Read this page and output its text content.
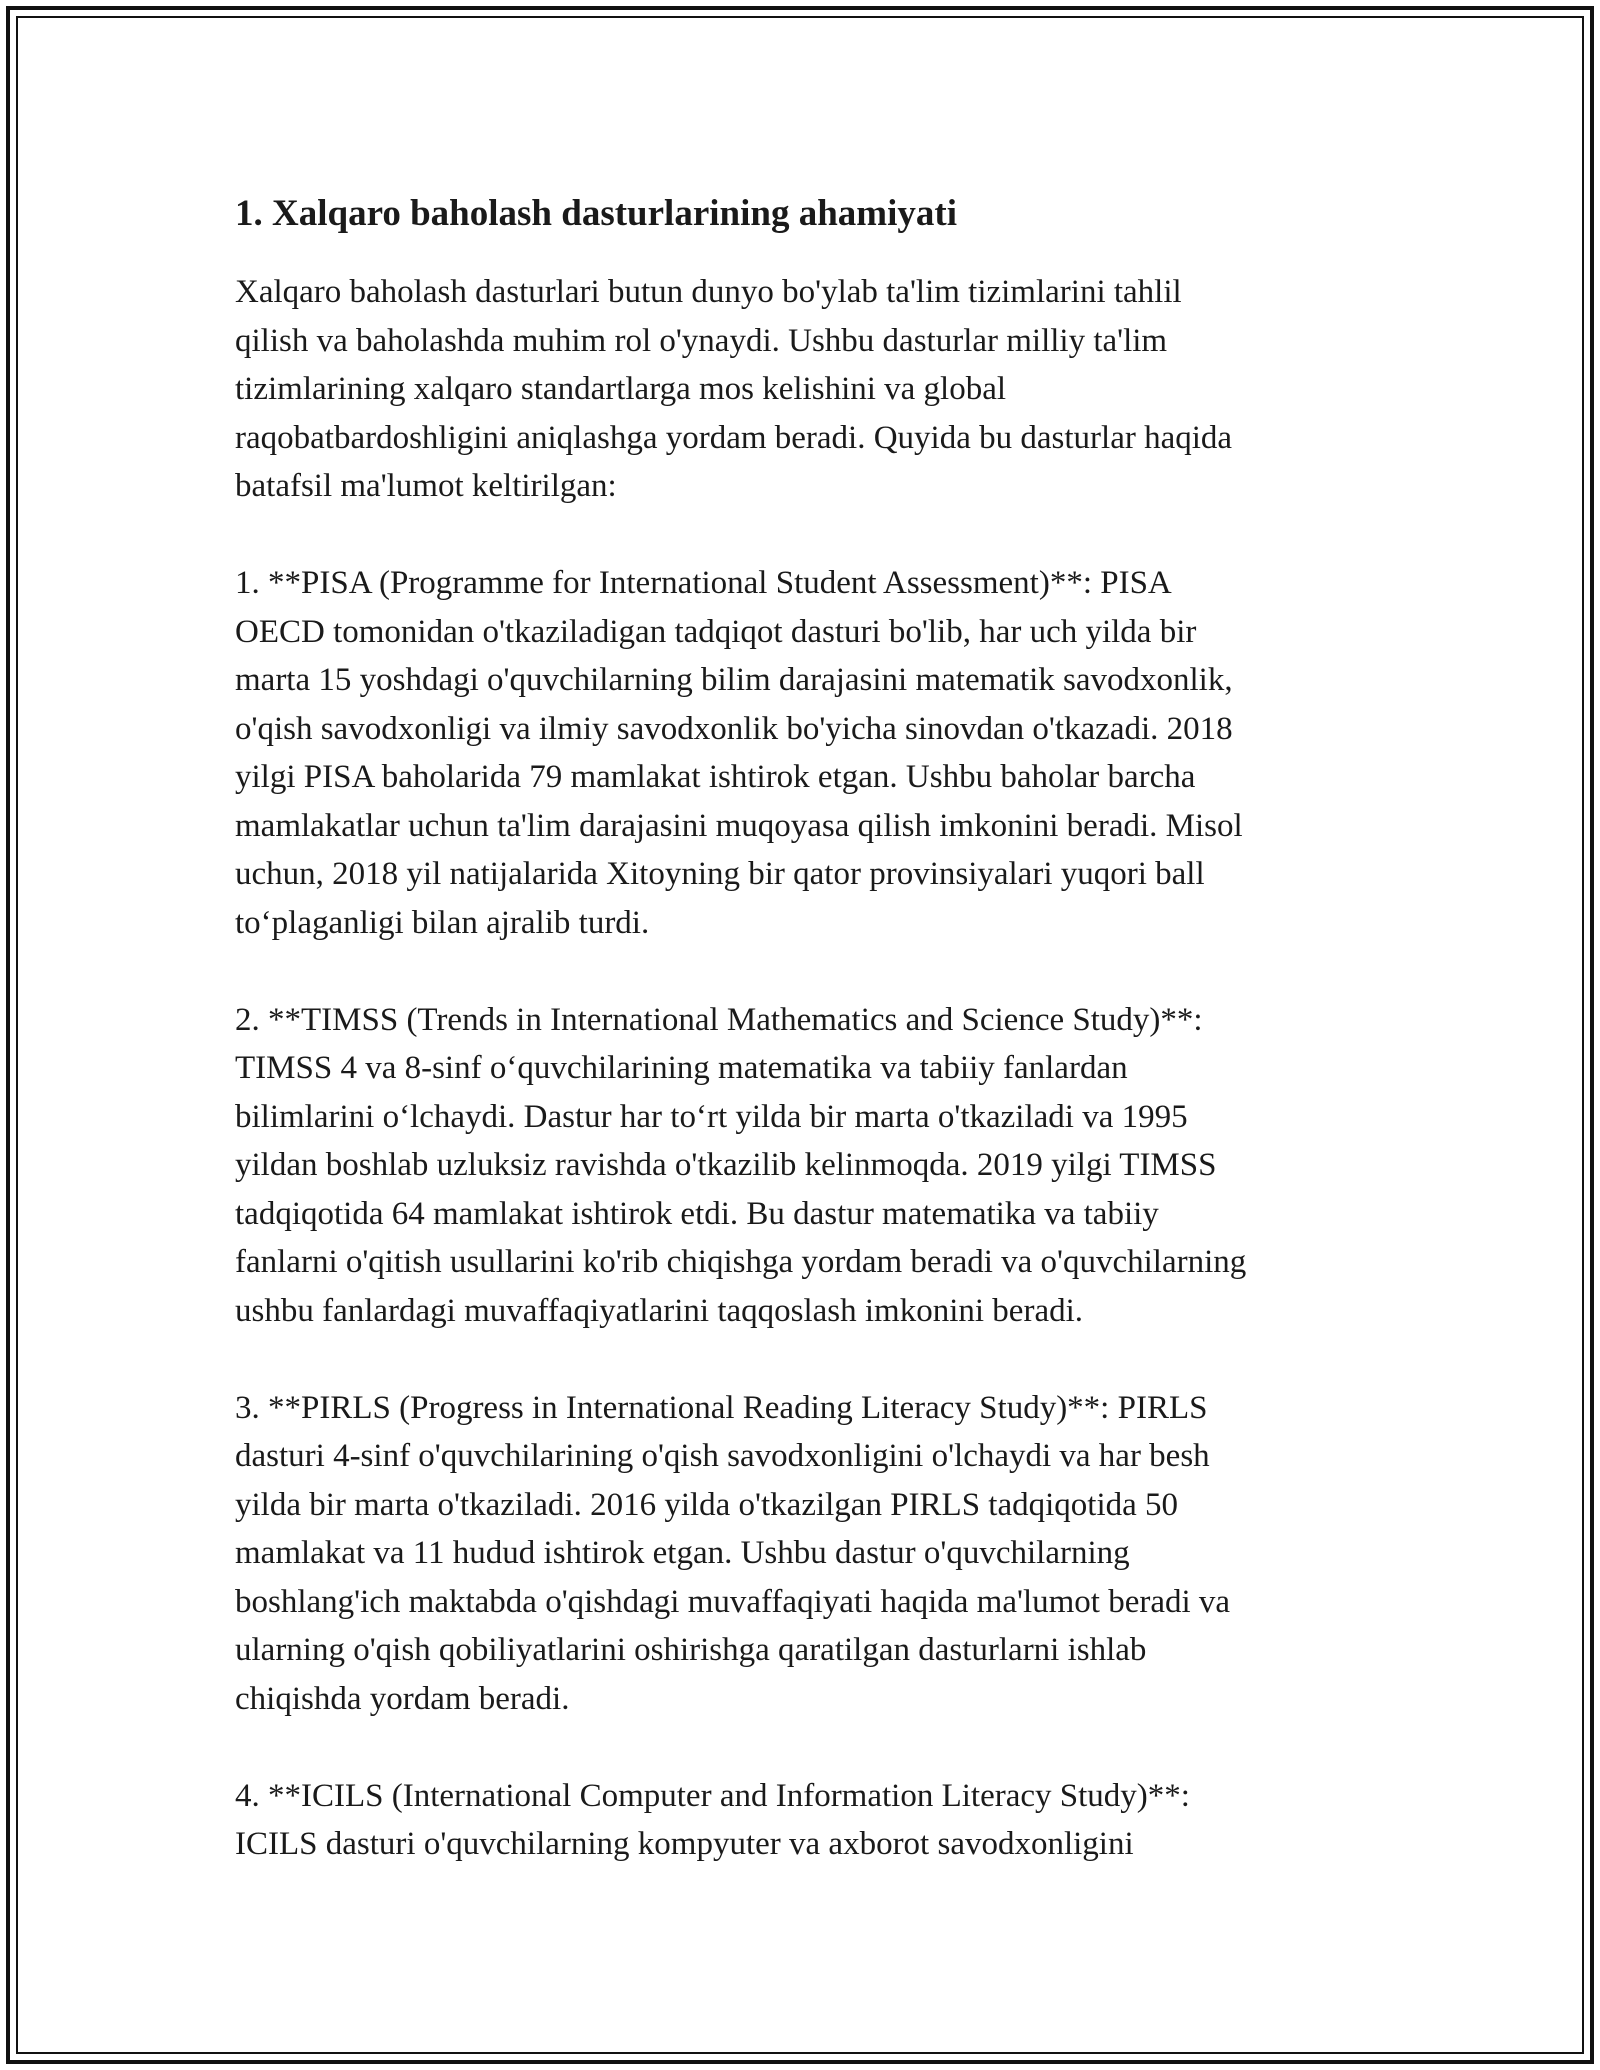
1. Xalqaro baholash dasturlarining ahamiyati

Xalqaro baholash dasturlari butun dunyo bo'ylab ta'lim tizimlarini tahlil
qilish va baholashda muhim rol o'ynaydi. Ushbu dasturlar milliy ta'lim
tizimlarining xalqaro standartlarga mos kelishini va global
raqobatbardoshligini aniqlashga yordam beradi. Quyida bu dasturlar haqida
batafsil ma'lumot keltirilgan:

1. **PISA (Programme for International Student Assessment)**: PISA
OECD tomonidan o'tkaziladigan tadqiqot dasturi bo'lib, har uch yilda bir
marta 15 yoshdagi o'quvchilarning bilim darajasini matematik savodxonlik,
o'qish savodxonligi va ilmiy savodxonlik bo'yicha sinovdan o'tkazadi. 2018
yilgi PISA baholarida 79 mamlakat ishtirok etgan. Ushbu baholar barcha
mamlakatlar uchun ta'lim darajasini muqoyasa qilish imkonini beradi. Misol
uchun, 2018 yil natijalarida Xitoyning bir qator provinsiyalari yuqori ball
to‘plaganligi bilan ajralib turdi.

2. **TIMSS (Trends in International Mathematics and Science Study)**:
TIMSS 4 va 8-sinf o‘quvchilarining matematika va tabiiy fanlardan
bilimlarini o‘lchaydi. Dastur har to‘rt yilda bir marta o'tkaziladi va 1995
yildan boshlab uzluksiz ravishda o'tkazilib kelinmoqda. 2019 yilgi TIMSS
tadqiqotida 64 mamlakat ishtirok etdi. Bu dastur matematika va tabiiy
fanlarni o'qitish usullarini ko'rib chiqishga yordam beradi va o'quvchilarning
ushbu fanlardagi muvaffaqiyatlarini taqqoslash imkonini beradi.

3. **PIRLS (Progress in International Reading Literacy Study)**: PIRLS
dasturi 4-sinf o'quvchilarining o'qish savodxonligini o'lchaydi va har besh
yilda bir marta o'tkaziladi. 2016 yilda o'tkazilgan PIRLS tadqiqotida 50
mamlakat va 11 hudud ishtirok etgan. Ushbu dastur o'quvchilarning
boshlang'ich maktabda o'qishdagi muvaffaqiyati haqida ma'lumot beradi va
ularning o'qish qobiliyatlarini oshirishga qaratilgan dasturlarni ishlab
chiqishda yordam beradi.

4. **ICILS (International Computer and Information Literacy Study)**:
ICILS dasturi o'quvchilarning kompyuter va axborot savodxonligini
